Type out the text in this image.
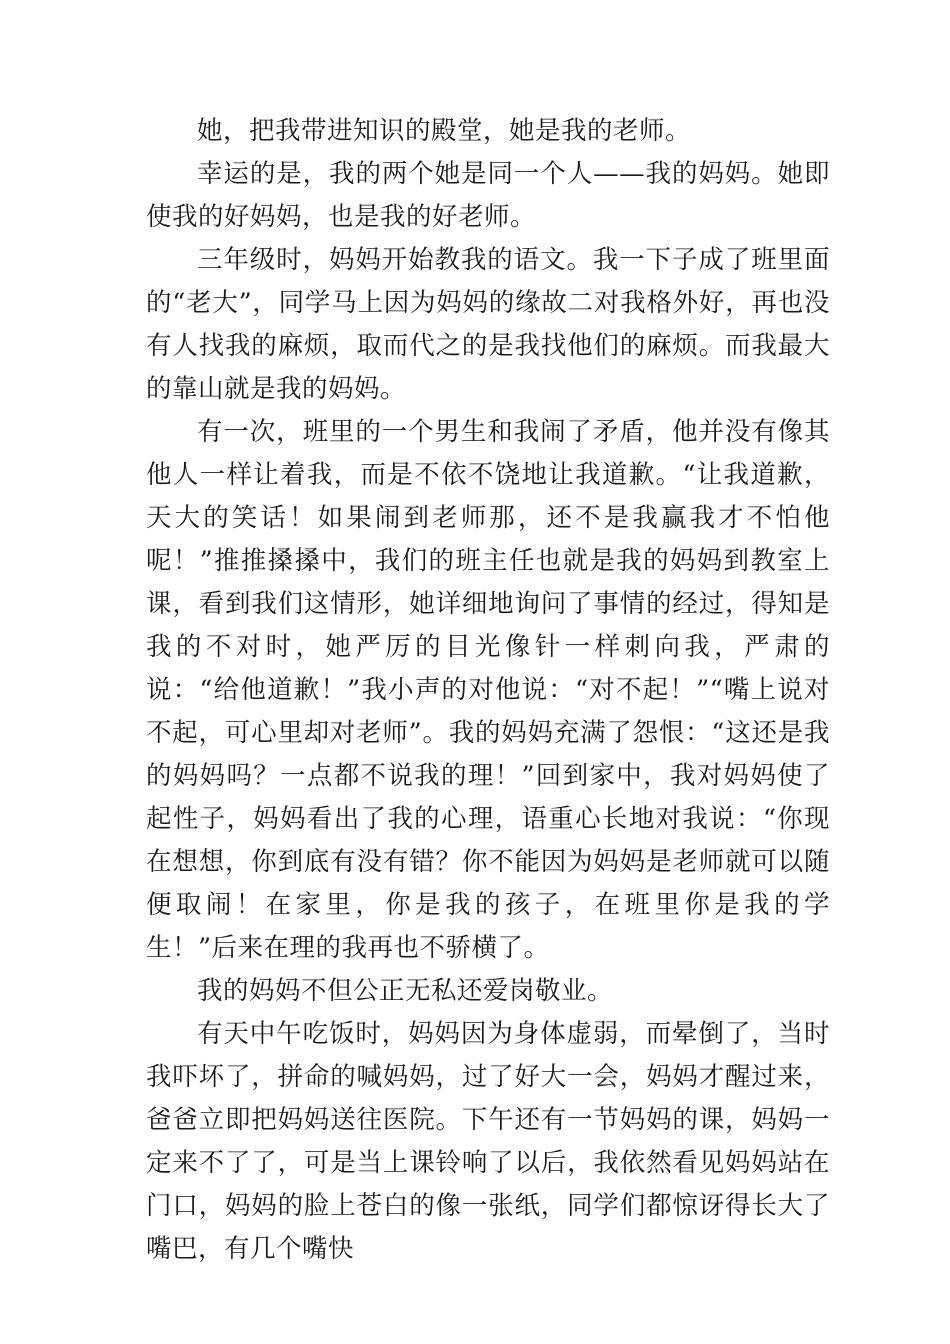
她，把我带进知识的殿堂，她是我的老师。

幸运的是，我的两个她是同一个人——我的妈妈。她即使我的好妈妈，也是我的好老师。

三年级时，妈妈开始教我的语文。我一下子成了班里面的“老大”，同学马上因为妈妈的缘故二对我格外好，再也没有人找我的麻烦，取而代之的是我找他们的麻烦。而我最大的靠山就是我的妈妈。

有一次，班里的一个男生和我闹了矛盾，他并没有像其他人一样让着我，而是不依不饶地让我道歉。“让我道歉，天大的笑话！如果闹到老师那，还不是我赢我才不怕他呢！”推推搡搡中，我们的班主任也就是我的妈妈到教室上课，看到我们这情形，她详细地询问了事情的经过，得知是我的不对时，她严厉的目光像针一样刺向我，严肃的说：“给他道歉！”我小声的对他说：“对不起！”“嘴上说对不起，可心里却对老师”。我的妈妈充满了怨恨：“这还是我的妈妈吗？一点都不说我的理！”回到家中，我对妈妈使了起性子，妈妈看出了我的心理，语重心长地对我说：“你现在想想，你到底有没有错？你不能因为妈妈是老师就可以随便取闹！在家里，你是我的孩子，在班里你是我的学生！”后来在理的我再也不骄横了。

我的妈妈不但公正无私还爱岗敬业。

有天中午吃饭时，妈妈因为身体虚弱，而晕倒了，当时我吓坏了，拼命的喊妈妈，过了好大一会，妈妈才醒过来，爸爸立即把妈妈送往医院。下午还有一节妈妈的课，妈妈一定来不了了，可是当上课铃响了以后，我依然看见妈妈站在门口，妈妈的脸上苍白的像一张纸，同学们都惊讶得长大了嘴巴，有几个嘴快
